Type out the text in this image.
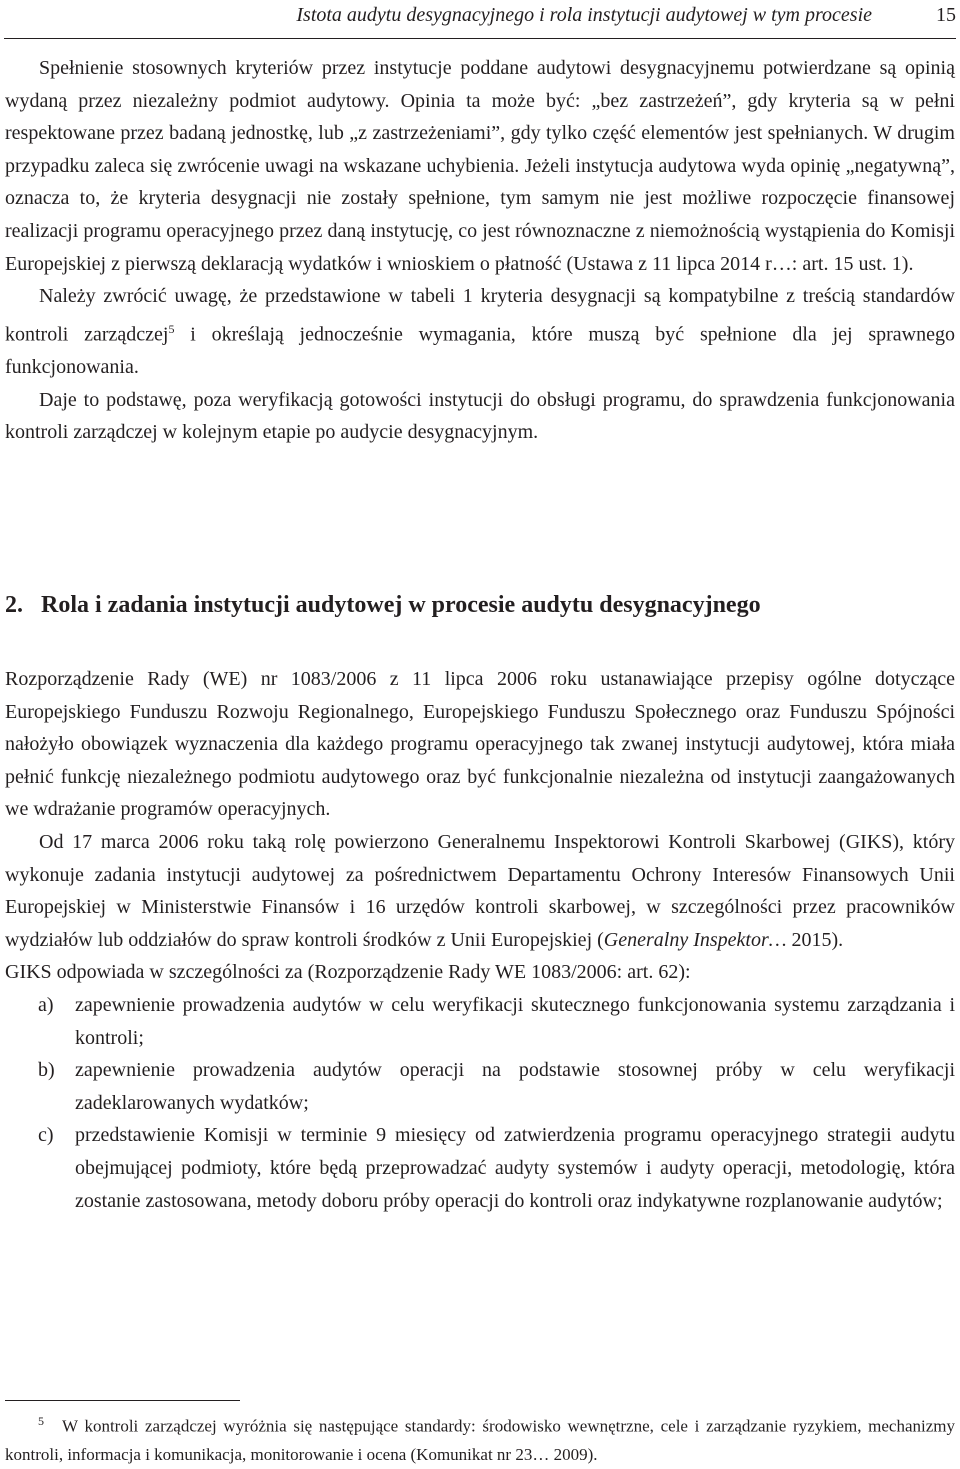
Istota audytu desygnacyjnego i rola instytucji audytowej w tym procesie	15

Spełnienie stosownych kryteriów przez instytucje poddane audytowi desygnacyjnemu potwierdzane są opinią wydaną przez niezależny podmiot audytowy. Opinia ta może być: „bez zastrzeżeń”, gdy kryteria są w pełni respektowane przez badaną jednostkę, lub „z zastrzeżeniami”, gdy tylko część elementów jest spełnianych. W drugim przypadku zaleca się zwrócenie uwagi na wskazane uchybienia. Jeżeli instytucja audytowa wyda opinię „negatywną”, oznacza to, że kryteria desygnacji nie zostały spełnione, tym samym nie jest możliwe rozpoczęcie finansowej realizacji programu operacyjnego przez daną instytucję, co jest równoznaczne z niemożnością wystąpienia do Komisji Europejskiej z pierwszą deklaracją wydatków i wnioskiem o płatność (Ustawa z 11 lipca 2014 r…: art. 15 ust. 1).

Należy zwrócić uwagę, że przedstawione w tabeli 1 kryteria desygnacji są kompatybilne z treścią standardów kontroli zarządczej$^5$ i określają jednocześnie wymagania, które muszą być spełnione dla jej sprawnego funkcjonowania.

Daje to podstawę, poza weryfikacją gotowości instytucji do obsługi programu, do sprawdzenia funkcjonowania kontroli zarządczej w kolejnym etapie po audycie desygnacyjnym.

2. Rola i zadania instytucji audytowej w procesie audytu desygnacyjnego

Rozporządzenie Rady (WE) nr 1083/2006 z 11 lipca 2006 roku ustanawiające przepisy ogólne dotyczące Europejskiego Funduszu Rozwoju Regionalnego, Europejskiego Funduszu Społecznego oraz Funduszu Spójności nałożyło obowiązek wyznaczenia dla każdego programu operacyjnego tak zwanej instytucji audytowej, która miała pełnić funkcję niezależnego podmiotu audytowego oraz być funkcjonalnie niezależna od instytucji zaangażowanych we wdrażanie programów operacyjnych.

Od 17 marca 2006 roku taką rolę powierzono Generalnemu Inspektorowi Kontroli Skarbowej (GIKS), który wykonuje zadania instytucji audytowej za pośrednictwem Departamentu Ochrony Interesów Finansowych Unii Europejskiej w Ministerstwie Finansów i 16 urzędów kontroli skarbowej, w szczególności przez pracowników wydziałów lub oddziałów do spraw kontroli środków z Unii Europejskiej (Generalny Inspektor… 2015).

GIKS odpowiada w szczególności za (Rozporządzenie Rady WE 1083/2006: art. 62):

a) zapewnienie prowadzenia audytów w celu weryfikacji skutecznego funkcjonowania systemu zarządzania i kontroli;
b) zapewnienie prowadzenia audytów operacji na podstawie stosownej próby w celu weryfikacji zadeklarowanych wydatków;
c) przedstawienie Komisji w terminie 9 miesięcy od zatwierdzenia programu operacyjnego strategii audytu obejmującej podmioty, które będą przeprowadzać audyty systemów i audyty operacji, metodologię, która zostanie zastosowana, metody doboru próby operacji do kontroli oraz indykatywne rozplanowanie audytów;

$^5$ W kontroli zarządczej wyróżnia się następujące standardy: środowisko wewnętrzne, cele i zarządzanie ryzykiem, mechanizmy kontroli, informacja i komunikacja, monitorowanie i ocena (Komunikat nr 23… 2009).
